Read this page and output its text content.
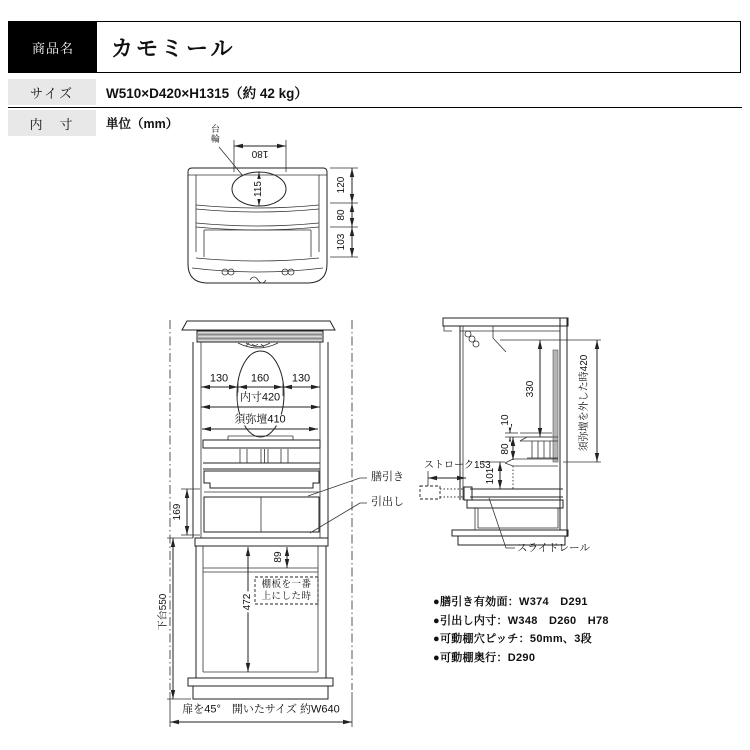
商品名	カモミール
サイズ	W510×D420×H1315（約 42 kg）
内　寸	単位（mm）	台輪
180
115	120
80
103
130 160 130
内寸420
須弥壇410
膳引き
引出し
169
89
472
棚板を一番
上にした時
下台550
扉を45°　開いたサイズ 約W640
330
10
80
101
ストローク153
スライドレール
須弥壇を外した時420
●膳引き有効面：W374　D291
●引出し内寸：W348　D260　H78
●可動棚穴ピッチ：50mm、3段
●可動棚奥行：D290
